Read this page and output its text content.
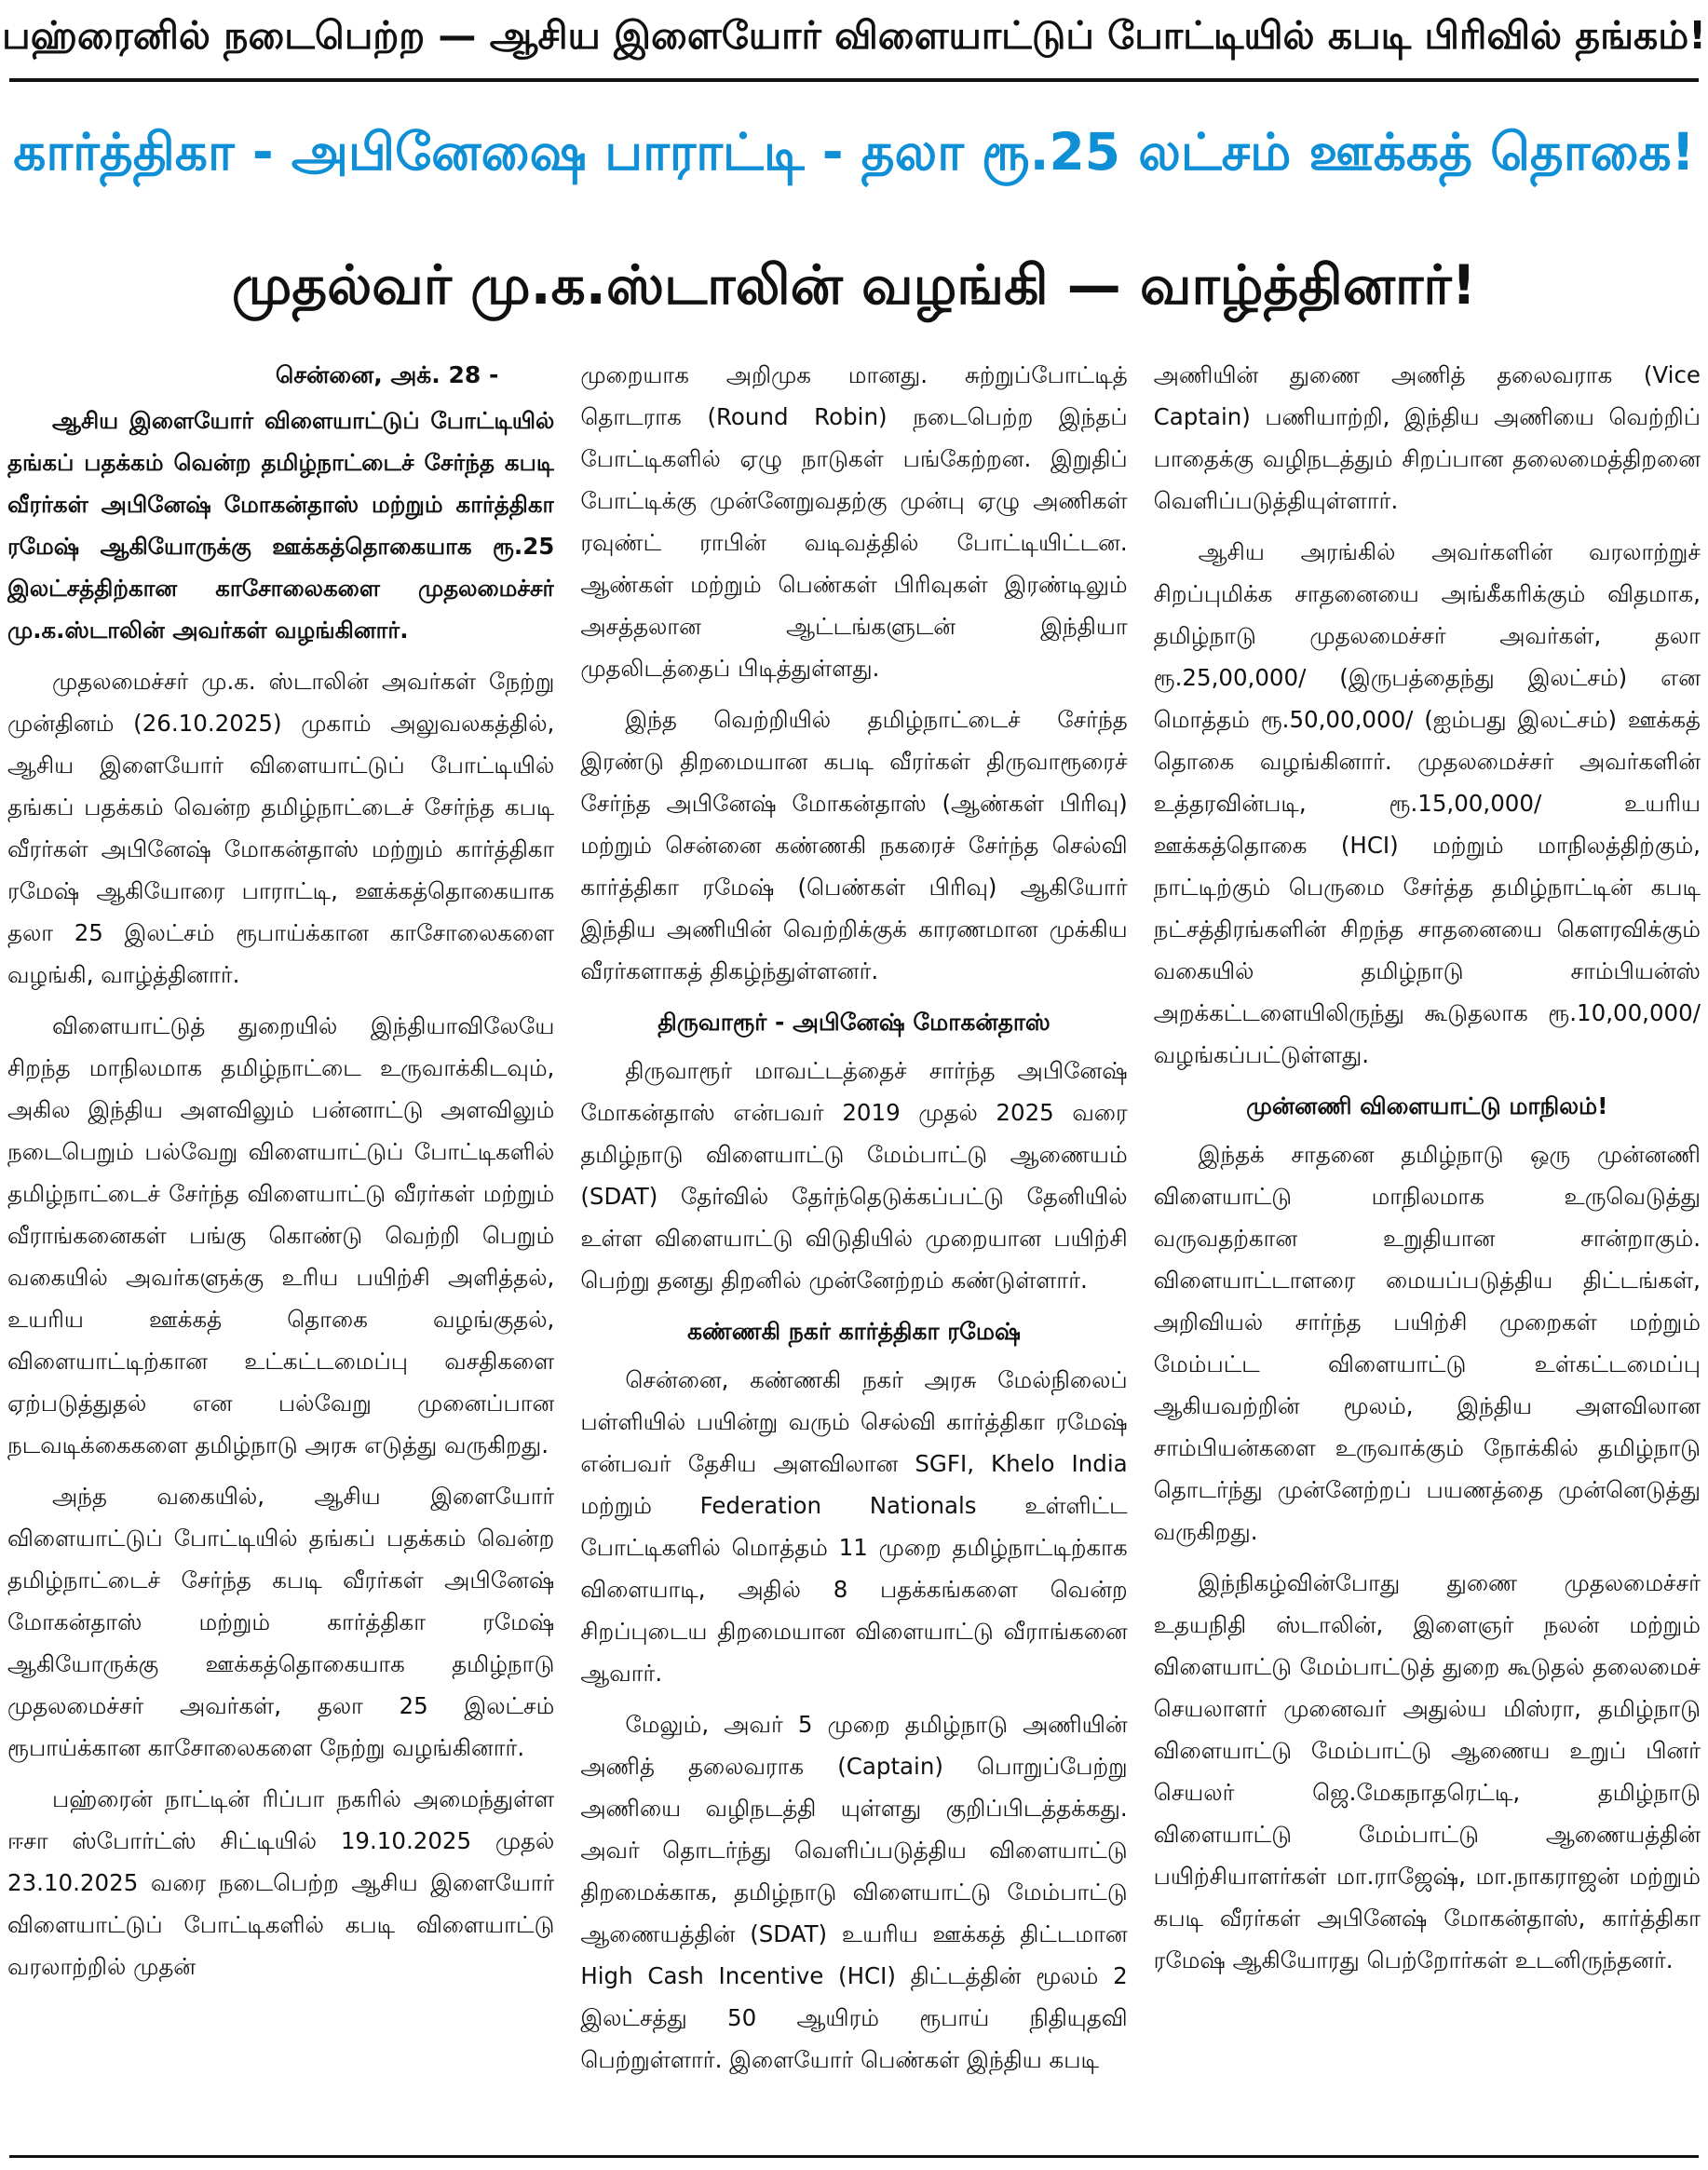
பஹ்ரைனில் நடைபெற்ற — ஆசிய இளையோர் விளையாட்டுப் போட்டியில் கபடி பிரிவில் தங்கம்!
கார்த்திகா - அபினேஷை பாராட்டி - தலா ரூ.25 லட்சம் ஊக்கத் தொகை!
முதல்வர் மு.க.ஸ்டாலின் வழங்கி — வாழ்த்தினார்!
சென்னை, அக். 28 -

ஆசிய இளையோர் விளையாட்டுப் போட்டியில் தங்கப் பதக்கம் வென்ற தமிழ்நாட்டைச் சேர்ந்த கபடி வீரர்கள் அபினேஷ் மோகன்தாஸ் மற்றும் கார்த்திகா ரமேஷ் ஆகியோருக்கு ஊக்கத்தொகையாக ரூ.25 இலட்சத்திற்கான காசோலைகளை முதலமைச்சர் மு.க.ஸ்டாலின் அவர்கள் வழங்கினார்.

முதலமைச்சர் மு.க. ஸ்டாலின் அவர்கள் நேற்று முன்தினம் (26.10.2025) முகாம் அலுவலகத்தில், ஆசிய இளையோர் விளையாட்டுப் போட்டியில் தங்கப் பதக்கம் வென்ற தமிழ்நாட்டைச் சேர்ந்த கபடி வீரர்கள் அபினேஷ் மோகன்தாஸ் மற்றும் கார்த்திகா ரமேஷ் ஆகியோரை பாராட்டி, ஊக்கத்தொகையாக தலா 25 இலட்சம் ரூபாய்க்கான காசோலைகளை வழங்கி, வாழ்த்தினார்.

விளையாட்டுத் துறையில் இந்தியாவிலேயே சிறந்த மாநிலமாக தமிழ்நாட்டை உருவாக்கிடவும், அகில இந்திய அளவிலும் பன்னாட்டு அளவிலும் நடைபெறும் பல்வேறு விளையாட்டுப் போட்டிகளில் தமிழ்நாட்டைச் சேர்ந்த விளையாட்டு வீரர்கள் மற்றும் வீராங்கனைகள் பங்கு கொண்டு வெற்றி பெறும் வகையில் அவர்களுக்கு உரிய பயிற்சி அளித்தல், உயரிய ஊக்கத் தொகை வழங்குதல், விளையாட்டிற்கான உட்கட்டமைப்பு வசதிகளை ஏற்படுத்துதல் என பல்வேறு முனைப்பான நடவடிக்கைகளை தமிழ்நாடு அரசு எடுத்து வருகிறது.

அந்த வகையில், ஆசிய இளையோர் விளையாட்டுப் போட்டியில் தங்கப் பதக்கம் வென்ற தமிழ்நாட்டைச் சேர்ந்த கபடி வீரர்கள் அபினேஷ் மோகன்தாஸ் மற்றும் கார்த்திகா ரமேஷ் ஆகியோருக்கு ஊக்கத்தொகையாக தமிழ்நாடு முதலமைச்சர் அவர்கள், தலா 25 இலட்சம் ரூபாய்க்கான காசோலைகளை நேற்று வழங்கினார்.

பஹ்ரைன் நாட்டின் ரிப்பா நகரில் அமைந்துள்ள ஈசா ஸ்போர்ட்ஸ் சிட்டியில் 19.10.2025 முதல் 23.10.2025 வரை நடைபெற்ற ஆசிய இளையோர் விளையாட்டுப் போட்டிகளில் கபடி விளையாட்டு வரலாற்றில் முதன்

முறையாக அறிமுக மானது. சுற்றுப்போட்டித் தொடராக (Round Robin) நடைபெற்ற இந்தப் போட்டிகளில் ஏழு நாடுகள் பங்கேற்றன. இறுதிப் போட்டிக்கு முன்னேறுவதற்கு முன்பு ஏழு அணிகள் ரவுண்ட் ராபின் வடிவத்தில் போட்டியிட்டன. ஆண்கள் மற்றும் பெண்கள் பிரிவுகள் இரண்டிலும் அசத்தலான ஆட்டங்களுடன் இந்தியா முதலிடத்தைப் பிடித்துள்ளது.

இந்த வெற்றியில் தமிழ்நாட்டைச் சேர்ந்த இரண்டு திறமையான கபடி வீரர்கள் திருவாரூரைச் சேர்ந்த அபினேஷ் மோகன்தாஸ் (ஆண்கள் பிரிவு) மற்றும் சென்னை கண்ணகி நகரைச் சேர்ந்த செல்வி கார்த்திகா ரமேஷ் (பெண்கள் பிரிவு) ஆகியோர் இந்திய அணியின் வெற்றிக்குக் காரணமான முக்கிய வீரர்களாகத் திகழ்ந்துள்ளனர்.

திருவாரூர் - அபினேஷ் மோகன்தாஸ்

திருவாரூர் மாவட்டத்தைச் சார்ந்த அபினேஷ் மோகன்தாஸ் என்பவர் 2019 முதல் 2025 வரை தமிழ்நாடு விளையாட்டு மேம்பாட்டு ஆணையம் (SDAT) தேர்வில் தேர்ந்தெடுக்கப்பட்டு தேனியில் உள்ள விளையாட்டு விடுதியில் முறையான பயிற்சி பெற்று தனது திறனில் முன்னேற்றம் கண்டுள்ளார்.

கண்ணகி நகர் கார்த்திகா ரமேஷ்

சென்னை, கண்ணகி நகர் அரசு மேல்நிலைப் பள்ளியில் பயின்று வரும் செல்வி கார்த்திகா ரமேஷ் என்பவர் தேசிய அளவிலான SGFI, Khelo India மற்றும் Federation Nationals உள்ளிட்ட போட்டிகளில் மொத்தம் 11 முறை தமிழ்நாட்டிற்காக விளையாடி, அதில் 8 பதக்கங்களை வென்ற சிறப்புடைய திறமையான விளையாட்டு வீராங்கனை ஆவார்.

மேலும், அவர் 5 முறை தமிழ்நாடு அணியின் அணித் தலைவராக (Captain) பொறுப்பேற்று அணியை வழிநடத்தி யுள்ளது குறிப்பிடத்தக்கது. அவர் தொடர்ந்து வெளிப்படுத்திய விளையாட்டு திறமைக்காக, தமிழ்நாடு விளையாட்டு மேம்பாட்டு ஆணையத்தின் (SDAT) உயரிய ஊக்கத் திட்டமான High Cash Incentive (HCI) திட்டத்தின் மூலம் 2 இலட்சத்து 50 ஆயிரம் ரூபாய் நிதியுதவி பெற்றுள்ளார். இளையோர் பெண்கள் இந்திய கபடி

அணியின் துணை அணித் தலைவராக (Vice Captain) பணியாற்றி, இந்திய அணியை வெற்றிப் பாதைக்கு வழிநடத்தும் சிறப்பான தலைமைத்திறனை வெளிப்படுத்தியுள்ளார்.

ஆசிய அரங்கில் அவர்களின் வரலாற்றுச் சிறப்புமிக்க சாதனையை அங்கீகரிக்கும் விதமாக, தமிழ்நாடு முதலமைச்சர் அவர்கள், தலா ரூ.25,00,000/ (இருபத்தைந்து இலட்சம்) என மொத்தம் ரூ.50,00,000/ (ஐம்பது இலட்சம்) ஊக்கத் தொகை வழங்கினார். முதலமைச்சர் அவர்களின் உத்தரவின்படி, ரூ.15,00,000/ உயரிய ஊக்கத்தொகை (HCI) மற்றும் மாநிலத்திற்கும், நாட்டிற்கும் பெருமை சேர்த்த தமிழ்நாட்டின் கபடி நட்சத்திரங்களின் சிறந்த சாதனையை கௌரவிக்கும் வகையில் தமிழ்நாடு சாம்பியன்ஸ் அறக்கட்டளையிலிருந்து கூடுதலாக ரூ.10,00,000/ வழங்கப்பட்டுள்ளது.

முன்னணி விளையாட்டு மாநிலம்!

இந்தக் சாதனை தமிழ்நாடு ஒரு முன்னணி விளையாட்டு மாநிலமாக உருவெடுத்து வருவதற்கான உறுதியான சான்றாகும். விளையாட்டாளரை மையப்படுத்திய திட்டங்கள், அறிவியல் சார்ந்த பயிற்சி முறைகள் மற்றும் மேம்பட்ட விளையாட்டு உள்கட்டமைப்பு ஆகியவற்றின் மூலம், இந்திய அளவிலான சாம்பியன்களை உருவாக்கும் நோக்கில் தமிழ்நாடு தொடர்ந்து முன்னேற்றப் பயணத்தை முன்னெடுத்து வருகிறது.

இந்நிகழ்வின்போது துணை முதலமைச்சர் உதயநிதி ஸ்டாலின், இளைஞர் நலன் மற்றும் விளையாட்டு மேம்பாட்டுத் துறை கூடுதல் தலைமைச் செயலாளர் முனைவர் அதுல்ய மிஸ்ரா, தமிழ்நாடு விளையாட்டு மேம்பாட்டு ஆணைய உறுப் பினர் செயலர் ஜெ.மேகநாதரெட்டி, தமிழ்நாடு விளையாட்டு மேம்பாட்டு ஆணையத்தின் பயிற்சியாளர்கள் மா.ராஜேஷ், மா.நாகராஜன் மற்றும் கபடி வீரர்கள் அபினேஷ் மோகன்தாஸ், கார்த்திகா ரமேஷ் ஆகியோரது பெற்றோர்கள் உடனிருந்தனர்.
